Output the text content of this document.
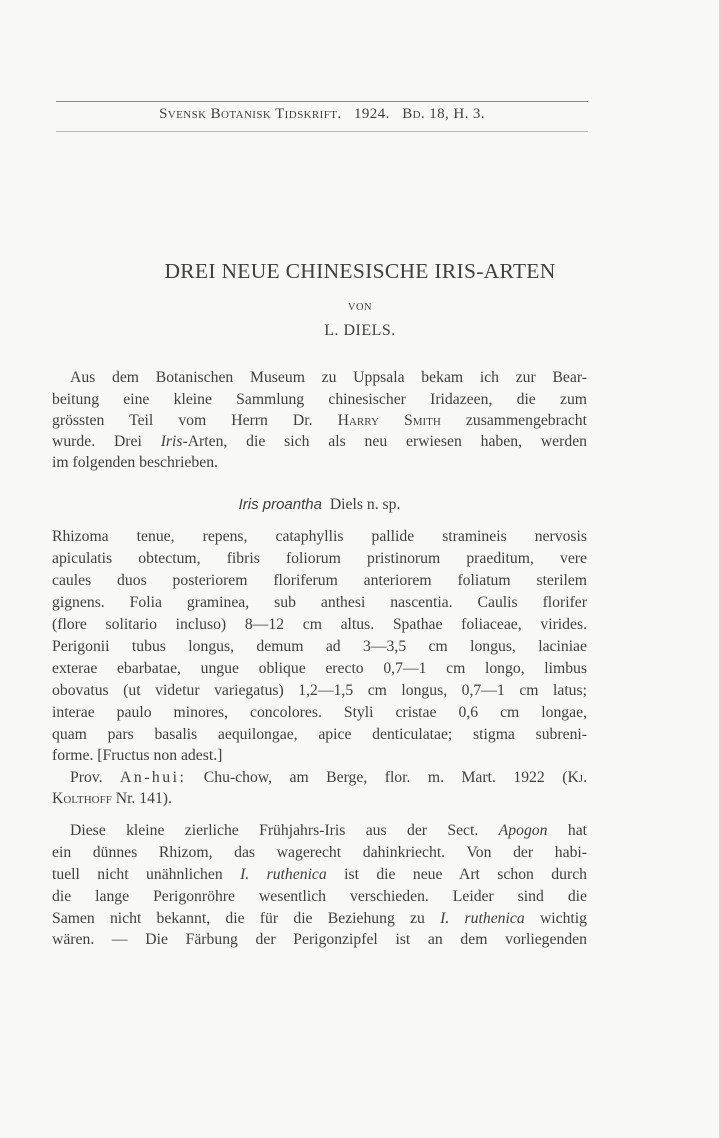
Svensk Botanisk Tidskrift. 1924. Bd. 18, H. 3.
DREI NEUE CHINESISCHE IRIS-ARTEN
VON
L. DIELS.
Aus dem Botanischen Museum zu Uppsala bekam ich zur Bear-
beitung eine kleine Sammlung chinesischer Iridazeen, die zum
grössten Teil vom Herrn Dr. Harry Smith zusammengebracht
wurde. Drei Iris-Arten, die sich als neu erwiesen haben, werden
im folgenden beschrieben.
Iris proantha Diels n. sp.
Rhizoma tenue, repens, cataphyllis pallide stramineis nervosis
apiculatis obtectum, fibris foliorum pristinorum praeditum, vere
caules duos posteriorem floriferum anteriorem foliatum sterilem
gignens. Folia graminea, sub anthesi nascentia. Caulis florifer
(flore solitario incluso) 8—12 cm altus. Spathae foliaceae, virides.
Perigonii tubus longus, demum ad 3—3,5 cm longus, laciniae
exterae ebarbatae, ungue oblique erecto 0,7—1 cm longo, limbus
obovatus (ut videtur variegatus) 1,2—1,5 cm longus, 0,7—1 cm latus;
interae paulo minores, concolores. Styli cristae 0,6 cm longae,
quam pars basalis aequilongae, apice denticulatae; stigma subreni-
forme. [Fructus non adest.]
Prov. An-hui: Chu-chow, am Berge, flor. m. Mart. 1922 (Kj.
Kolthoff Nr. 141).
Diese kleine zierliche Frühjahrs-Iris aus der Sect. Apogon hat
ein dünnes Rhizom, das wagerecht dahinkriecht. Von der habi-
tuell nicht unähnlichen I. ruthenica ist die neue Art schon durch
die lange Perigonröhre wesentlich verschieden. Leider sind die
Samen nicht bekannt, die für die Beziehung zu I. ruthenica wichtig
wären. — Die Färbung der Perigonzipfel ist an dem vorliegenden
